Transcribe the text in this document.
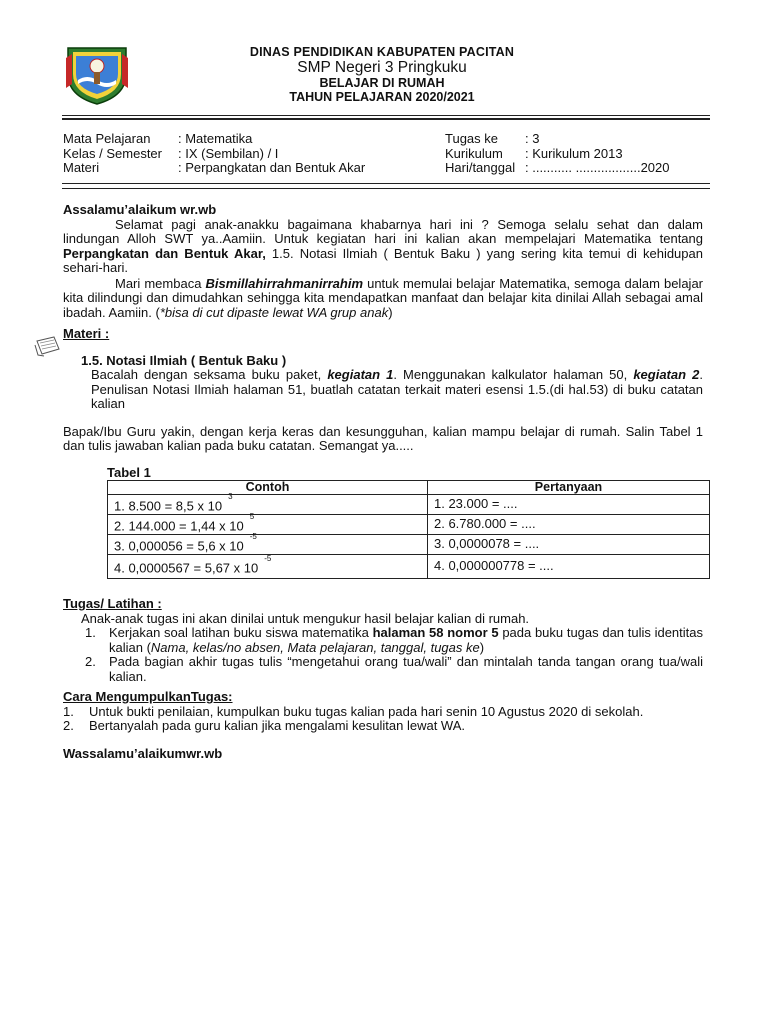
DINAS PENDIDIKAN KABUPATEN PACITAN
SMP Negeri 3 Pringkuku
BELAJAR DI RUMAH
TAHUN PELAJARAN 2020/2021
Mata Pelajaran : Matematika	Tugas ke : 3
Kelas / Semester : IX (Sembilan) / I	Kurikulum : Kurikulum 2013
Materi	: Perpangkatan dan Bentuk Akar	Hari/tanggal : ........... ..................2020
Assalamu’alaikum wr.wb

Selamat pagi anak-anakku bagaimana khabarnya hari ini ? Semoga selalu sehat dan dalam lindungan Alloh SWT ya..Aamiin. Untuk kegiatan hari ini kalian akan mempelajari Matematika tentang Perpangkatan dan Bentuk Akar, 1.5. Notasi Ilmiah ( Bentuk Baku ) yang sering kita temui di kehidupan sehari-hari.

Mari membaca Bismillahirrahmanirrahim untuk memulai belajar Matematika, semoga dalam belajar kita dilindungi dan dimudahkan sehingga kita mendapatkan manfaat dan belajar kita dinilai Allah sebagai amal ibadah. Aamiin. (*bisa di cut dipaste lewat WA grup anak)

Materi :
1.5. Notasi Ilmiah ( Bentuk Baku )

Bacalah dengan seksama buku paket, kegiatan 1. Menggunakan kalkulator halaman 50, kegiatan 2. Penulisan Notasi Ilmiah halaman 51, buatlah catatan terkait materi esensi 1.5.(di hal.53) di buku catatan kalian

Bapak/Ibu Guru yakin, dengan kerja keras dan kesungguhan, kalian mampu belajar di rumah. Salin Tabel 1 dan tulis jawaban kalian pada buku catatan. Semangat ya.....

Tabel 1
Contoh	Pertanyaan
1. 8.500 = 8,5 x $10^3$	1. 23.000 = ....
2. 144.000 = 1,44 x $10^5$	2. 6.780.000 = ....
3. 0,000056 = 5,6 x $10^{-5}$	3. 0,0000078 = ....
4. 0,0000567 = 5,67 x $10^{-5}$	4. 0,000000778 = ....
Tugas/ Latihan :
Anak-anak tugas ini akan dinilai untuk mengukur hasil belajar kalian di rumah.
1. Kerjakan soal latihan buku siswa matematika halaman 58 nomor 5 pada buku tugas dan tulis identitas kalian (Nama, kelas/no absen, Mata pelajaran, tanggal, tugas ke)
2. Pada bagian akhir tugas tulis “mengetahui orang tua/wali” dan mintalah tanda tangan orang tua/wali kalian.
Cara MengumpulkanTugas:
1. Untuk bukti penilaian, kumpulkan buku tugas kalian pada hari senin 10 Agustus 2020 di sekolah.
2. Bertanyalah pada guru kalian jika mengalami kesulitan lewat WA.
Wassalamu’alaikumwr.wb
